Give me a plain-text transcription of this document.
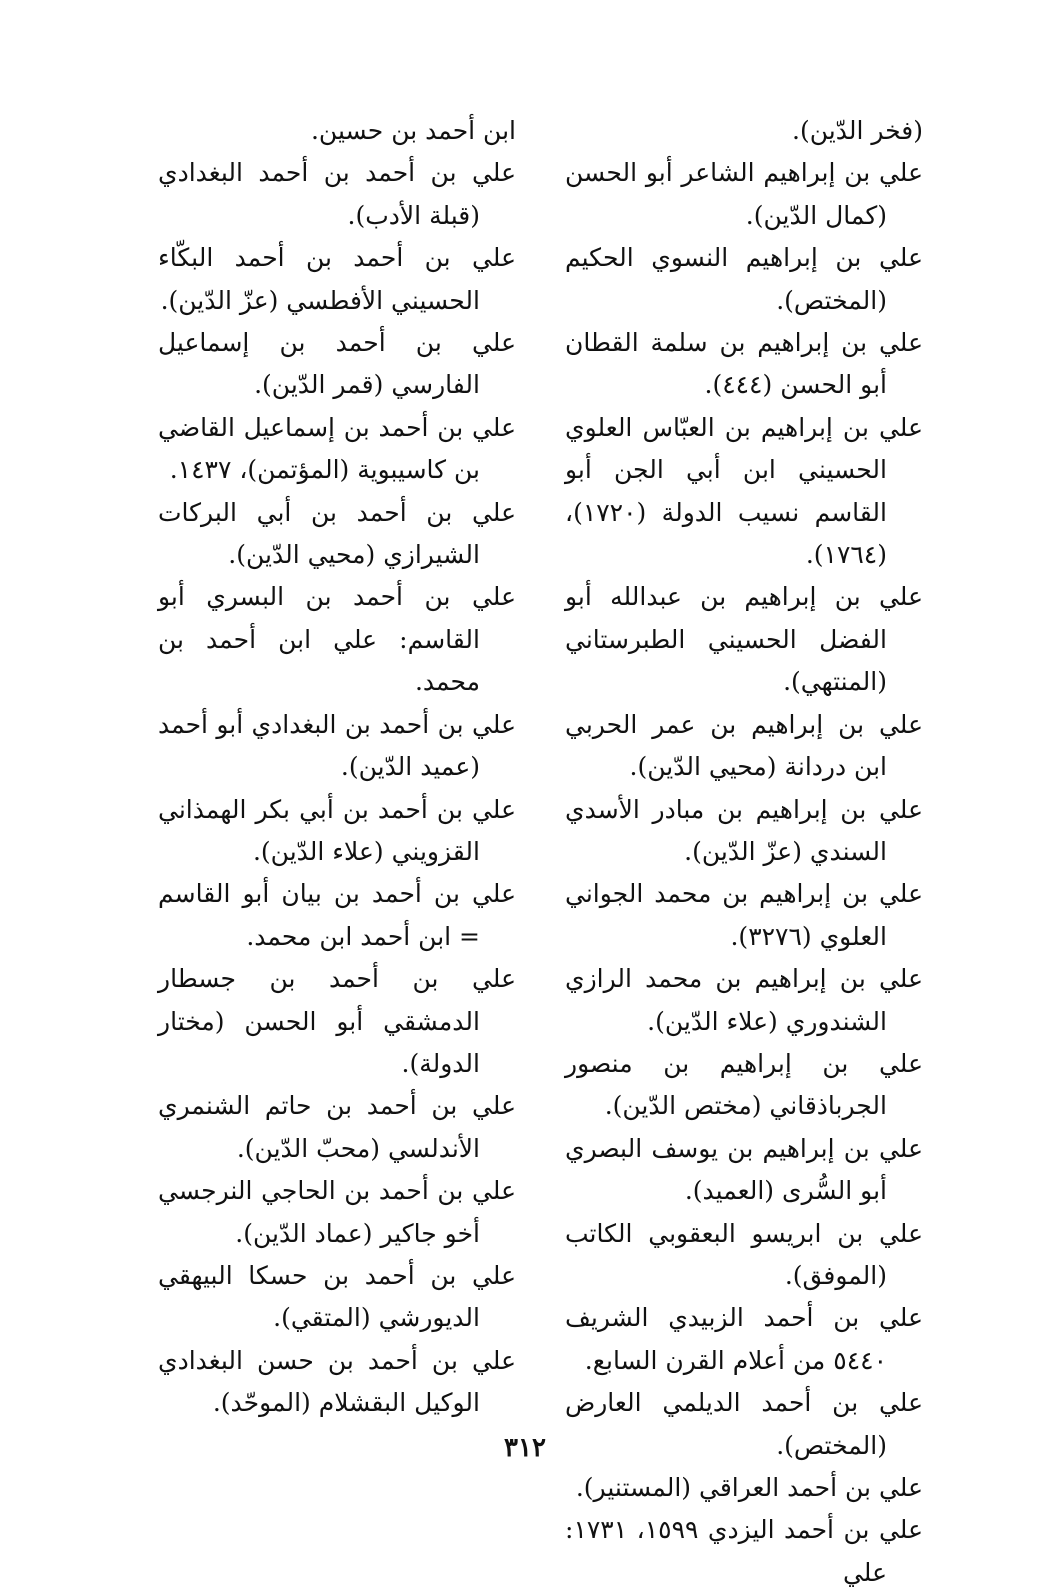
(فخر الدّين).

علي بن إبراهيم الشاعر أبو الحسن (كمال الدّين).

علي بن إبراهيم النسوي الحكيم (المختص).

علي بن إبراهيم بن سلمة القطان أبو الحسن (٤٤٤).

علي بن إبراهيم بن العبّاس العلوي الحسيني ابن أبي الجن أبو القاسم نسيب الدولة (١٧٢٠)، (١٧٦٤).

علي بن إبراهيم بن عبدالله أبو الفضل الحسيني الطبرستاني (المنتهي).

علي بن إبراهيم بن عمر الحربي ابن دردانة (محيي الدّين).

علي بن إبراهيم بن مبادر الأسدي السندي (عزّ الدّين).

علي بن إبراهيم بن محمد الجواني العلوي (٣٢٧٦).

علي بن إبراهيم بن محمد الرازي الشندوري (علاء الدّين).

علي بن إبراهيم بن منصور الجرباذقاني (مختص الدّين).

علي بن إبراهيم بن يوسف البصري أبو السُّرى (العميد).

علي بن ابريسو البعقوبي الكاتب (الموفق).

علي بن أحمد الزبيدي الشريف ٥٤٤٠ من أعلام القرن السابع.

علي بن أحمد الديلمي العارض (المختص).

علي بن أحمد العراقي (المستنير).

علي بن أحمد اليزدي ١٥٩٩، ١٧٣١: علي

ابن أحمد بن حسين.

علي بن أحمد بن أحمد البغدادي (قبلة الأدب).

علي بن أحمد بن أحمد البكّاء الحسيني الأفطسي (عزّ الدّين).

علي بن أحمد بن إسماعيل الفارسي (قمر الدّين).

علي بن أحمد بن إسماعيل القاضي بن كاسيبوية (المؤتمن)، ١٤٣٧.

علي بن أحمد بن أبي البركات الشيرازي (محيي الدّين).

علي بن أحمد بن البسري أبو القاسم: علي ابن أحمد بن محمد.

علي بن أحمد بن البغدادي أبو أحمد (عميد الدّين).

علي بن أحمد بن أبي بكر الهمذاني القزويني (علاء الدّين).

علي بن أحمد بن بيان أبو القاسم = ابن أحمد ابن محمد.

علي بن أحمد بن جسطار الدمشقي أبو الحسن (مختار الدولة).

علي بن أحمد بن حاتم الشنمري الأندلسي (محبّ الدّين).

علي بن أحمد بن الحاجي النرجسي أخو جاكير (عماد الدّين).

علي بن أحمد بن حسكا البيهقي الديورشي (المتقي).

علي بن أحمد بن حسن البغدادي الوكيل البقشلام (الموحّد).

٣١٢
